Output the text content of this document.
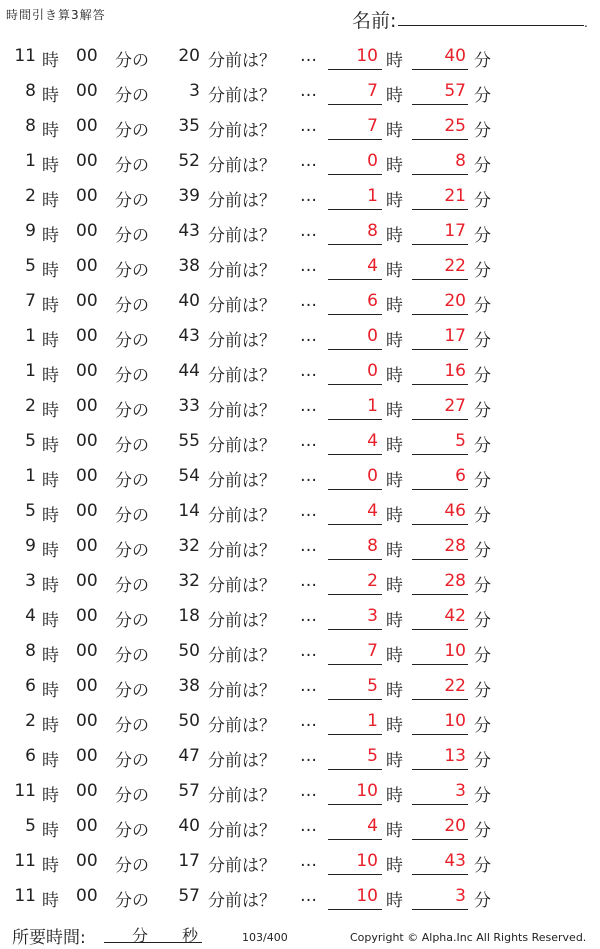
時間引き算3解答	名前:	.
11 時 00 分の	20 分前は？ …	10 時	40 分
8 時 00 分の	3 分前は？ …	7 時	57 分
8 時 00 分の	35 分前は？ …	7 時	25 分
1 時 00 分の	52 分前は？ …	0 時	8 分
2 時 00 分の	39 分前は？ …	1 時	21 分
9 時 00 分の	43 分前は？ …	8 時	17 分
5 時 00 分の	38 分前は？ …	4 時	22 分
7 時 00 分の	40 分前は？ …	6 時	20 分
1 時 00 分の	43 分前は？ …	0 時	17 分
1 時 00 分の	44 分前は？ …	0 時	16 分
2 時 00 分の	33 分前は？ …	1 時	27 分
5 時 00 分の	55 分前は？ …	4 時	5 分
1 時 00 分の	54 分前は？ …	0 時	6 分
5 時 00 分の	14 分前は？ …	4 時	46 分
9 時 00 分の	32 分前は？ …	8 時	28 分
3 時 00 分の	32 分前は？ …	2 時	28 分
4 時 00 分の	18 分前は？ …	3 時	42 分
8 時 00 分の	50 分前は？ …	7 時	10 分
6 時 00 分の	38 分前は？ …	5 時	22 分
2 時 00 分の	50 分前は？ …	1 時	10 分
6 時 00 分の	47 分前は？ …	5 時	13 分
11 時 00 分の	57 分前は？ …	10 時	3 分
5 時 00 分の	40 分前は？ …	4 時	20 分
11 時 00 分の	17 分前は？ …	10 時	43 分
11 時 00 分の	57 分前は？ …	10 時	3 分
所要時間:	分 秒	103/400	Copyright © Alpha.Inc All Rights Reserved.
